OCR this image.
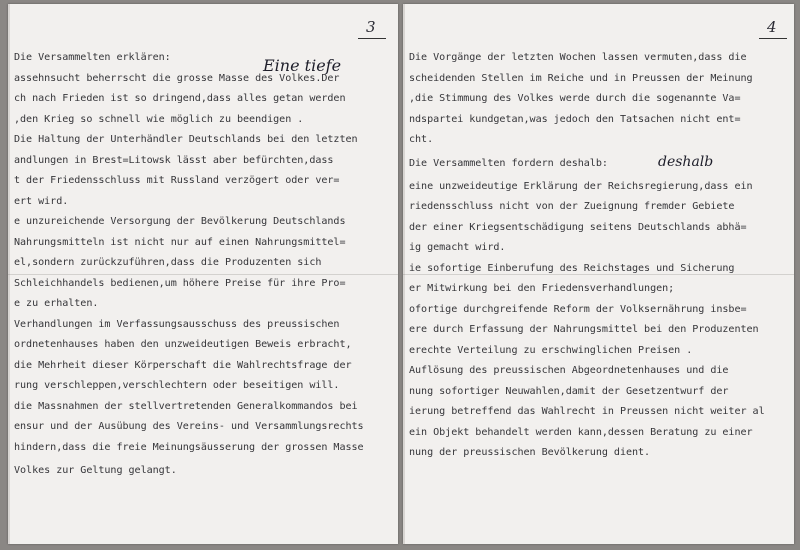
3
Eine tiefe
Die Versammelten erklären:
assehnsucht beherrscht die grosse Masse des Volkes.Der
ch nach Frieden ist so dringend,dass alles getan werden
,den Krieg so schnell wie möglich zu beendigen .
Die Haltung der Unterhändler Deutschlands bei den letzten
andlungen in Brest=Litowsk lässt aber befürchten,dass
t der Friedensschluss mit Russland verzögert oder ver=
ert wird.
e unzureichende Versorgung der Bevölkerung Deutschlands
Nahrungsmitteln ist nicht nur auf einen Nahrungsmittel=
el,sondern zurückzuführen,dass die Produzenten sich
Schleichhandels bedienen,um höhere Preise für ihre Pro=
e zu erhalten.
Verhandlungen im Verfassungsausschuss des preussischen
ordnetenhauses haben den unzweideutigen Beweis erbracht,
die Mehrheit dieser Körperschaft die Wahlrechtsfrage der
rung verschleppen,verschlechtern oder beseitigen will.
die Massnahmen der stellvertretenden Generalkommandos bei
ensur und der Ausübung des Vereins- und Versammlungsrechts
hindern,dass die freie Meinungsäusserung der grossen Masse
Volkes zur Geltung gelangt.
4
deshalb
Die Vorgänge der letzten Wochen lassen vermuten,dass die
scheidenden Stellen im Reiche und in Preussen der Meinung
,die Stimmung des Volkes werde durch die sogenannte Va=
ndspartei kundgetan,was jedoch den Tatsachen nicht ent=
cht.
Die Versammelten fordern deshalb:
eine unzweideutige Erklärung der Reichsregierung,dass ein
riedensschluss nicht von der Zueignung fremder Gebiete
der einer Kriegsentschädigung seitens Deutschlands abhä=
ig gemacht wird.
ie sofortige Einberufung des Reichstages und Sicherung
er Mitwirkung bei den Friedensverhandlungen;
ofortige durchgreifende Reform der Volksernährung insbe=
ere durch Erfassung der Nahrungsmittel bei den Produzenten
erechte Verteilung zu erschwinglichen Preisen .
Auflösung des preussischen Abgeordnetenhauses und die
nung sofortiger Neuwahlen,damit der Gesetzentwurf der
ierung betreffend das Wahlrecht in Preussen nicht weiter al
ein Objekt behandelt werden kann,dessen Beratung zu einer
nung der preussischen Bevölkerung dient.
